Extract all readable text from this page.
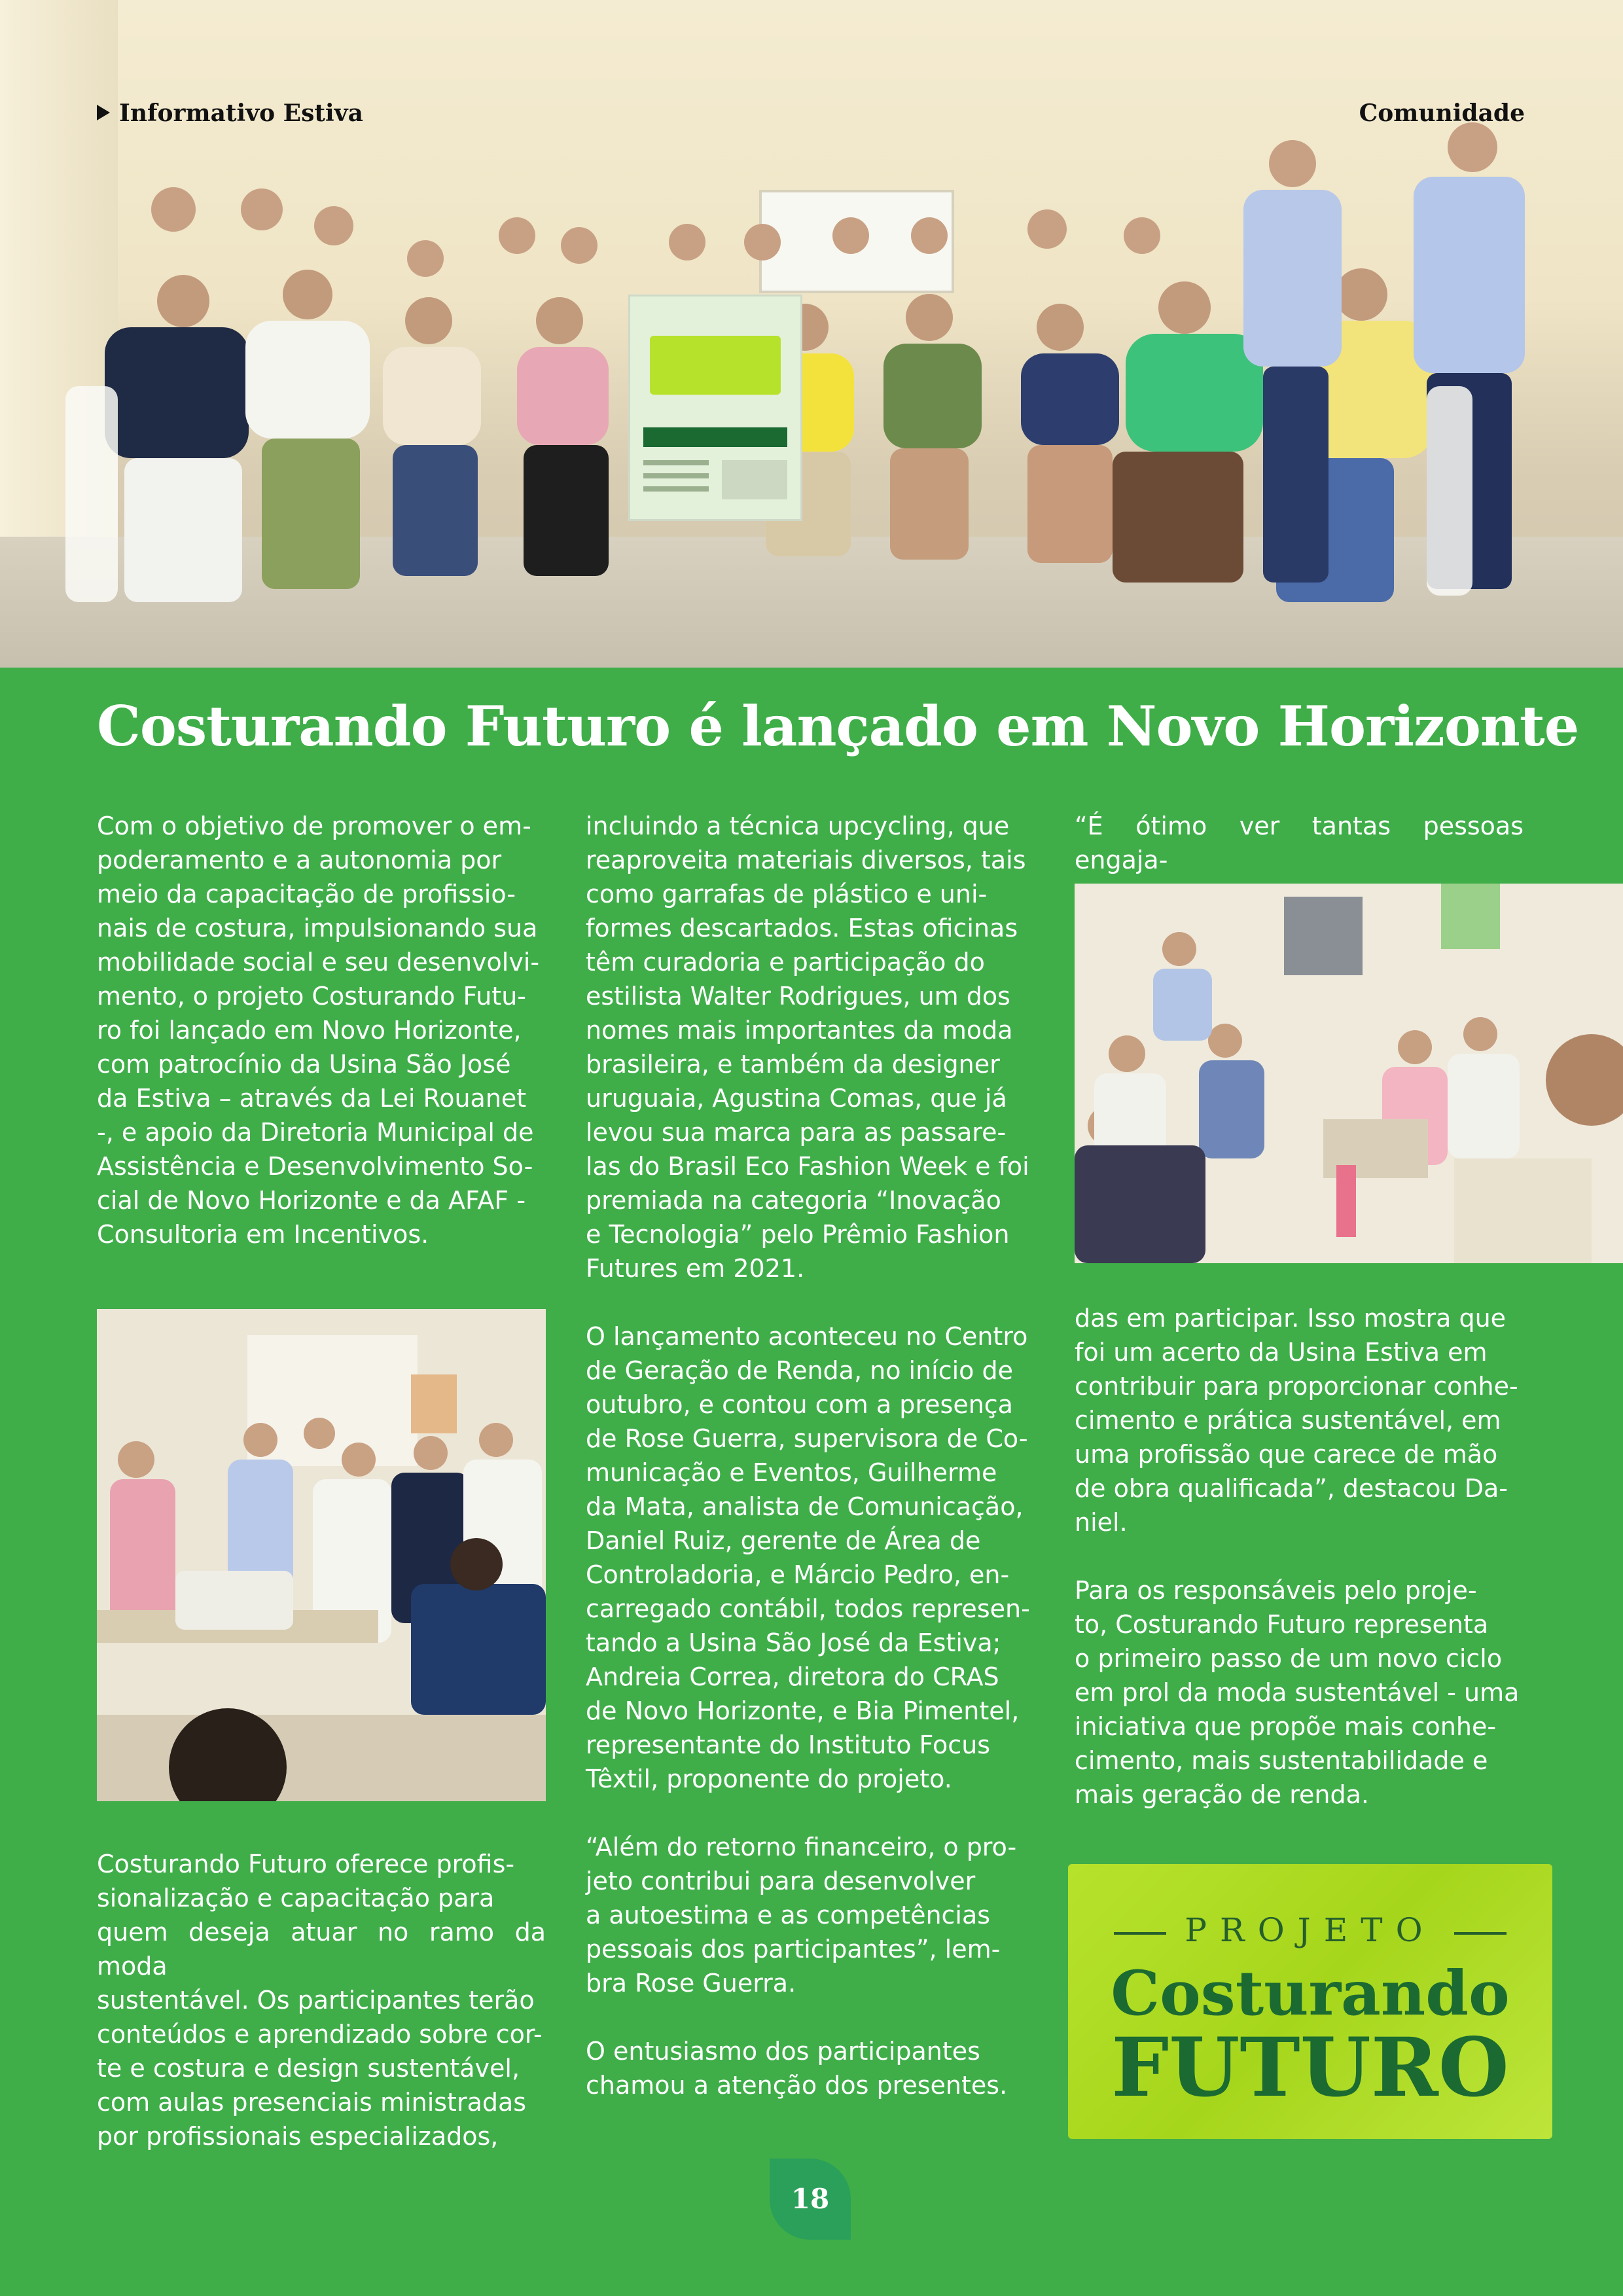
Informativo Estiva	Comunidade
Costurando Futuro é lançado em Novo Horizonte

Com o objetivo de promover o em-
poderamento e a autonomia por
meio da capacitação de profissio-
nais de costura, impulsionando sua
mobilidade social e seu desenvolvi-
mento, o projeto Costurando Futu-
ro foi lançado em Novo Horizonte,
com patrocínio da Usina São José
da Estiva – através da Lei Rouanet
-, e apoio da Diretoria Municipal de
Assistência e Desenvolvimento So-
cial de Novo Horizonte e da AFAF -
Consultoria em Incentivos.

Costurando Futuro oferece profis-
sionalização e capacitação para
quem deseja atuar no ramo da moda
sustentável. Os participantes terão
conteúdos e aprendizado sobre cor-
te e costura e design sustentável,
com aulas presenciais ministradas
por profissionais especializados,

incluindo a técnica upcycling, que
reaproveita materiais diversos, tais
como garrafas de plástico e uni-
formes descartados. Estas oficinas
têm curadoria e participação do
estilista Walter Rodrigues, um dos
nomes mais importantes da moda
brasileira, e também da designer
uruguaia, Agustina Comas, que já
levou sua marca para as passare-
las do Brasil Eco Fashion Week e foi
premiada na categoria “Inovação
e Tecnologia” pelo Prêmio Fashion
Futures em 2021.

O lançamento aconteceu no Centro
de Geração de Renda, no início de
outubro, e contou com a presença
de Rose Guerra, supervisora de Co-
municação e Eventos, Guilherme
da Mata, analista de Comunicação,
Daniel Ruiz, gerente de Área de
Controladoria, e Márcio Pedro, en-
carregado contábil, todos represen-
tando a Usina São José da Estiva;
Andreia Correa, diretora do CRAS
de Novo Horizonte, e Bia Pimentel,
representante do Instituto Focus
Têxtil, proponente do projeto.

“Além do retorno financeiro, o pro-
jeto contribui para desenvolver
a autoestima e as competências
pessoais dos participantes”, lem-
bra Rose Guerra.

O entusiasmo dos participantes
chamou a atenção dos presentes.

“É ótimo ver tantas pessoas engaja-

das em participar. Isso mostra que
foi um acerto da Usina Estiva em
contribuir para proporcionar conhe-
cimento e prática sustentável, em
uma profissão que carece de mão
de obra qualificada”, destacou Da-
niel.

Para os responsáveis pelo proje-
to, Costurando Futuro representa
o primeiro passo de um novo ciclo
em prol da moda sustentável - uma
iniciativa que propõe mais conhe-
cimento, mais sustentabilidade e
mais geração de renda.

PROJETO
Costurando
FUTURO
18
